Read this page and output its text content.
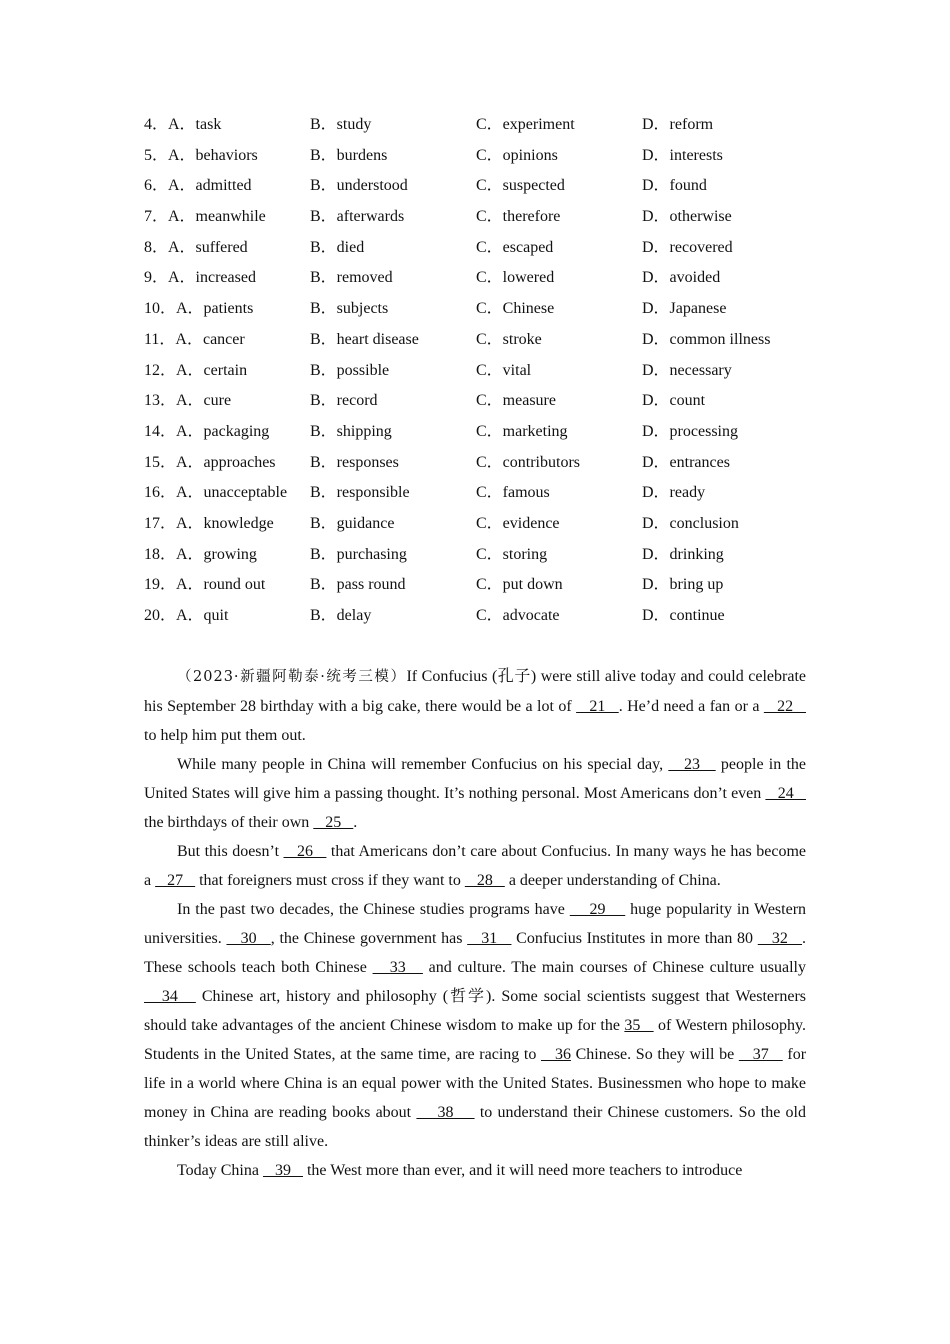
4．A．task	B．study	C．experiment	D．reform
5．A．behaviors	B．burdens	C．opinions	D．interests
6．A．admitted	B．understood	C．suspected	D．found
7．A．meanwhile	B．afterwards	C．therefore	D．otherwise
8．A．suffered	B．died	C．escaped	D．recovered
9．A．increased	B．removed	C．lowered	D．avoided
10．A．patients	B．subjects	C．Chinese	D．Japanese
11．A．cancer	B．heart disease	C．stroke	D．common illness
12．A．certain	B．possible	C．vital	D．necessary
13．A．cure	B．record	C．measure	D．count
14．A．packaging	B．shipping	C．marketing	D．processing
15．A．approaches	B．responses	C．contributors	D．entrances
16．A．unacceptable	B．responsible	C．famous	D．ready
17．A．knowledge	B．guidance	C．evidence	D．conclusion
18．A．growing	B．purchasing	C．storing	D．drinking
19．A．round out	B．pass round	C．put down	D．bring up
20．A．quit	B．delay	C．advocate	D．continue

（2023·新疆阿勒泰·统考三模）If Confucius (孔子) were still alive today and could celebrate his September 28 birthday with a big cake, there would be a lot of    21   . He’d need a fan or a    22    to help him put them out.

While many people in China will remember Confucius on his special day,    23    people in the United States will give him a passing thought. It’s nothing personal. Most Americans don’t even    24    the birthdays of their own    25   .

But this doesn’t    26    that Americans don’t care about Confucius. In many ways he has become a    27    that foreigners must cross if they want to    28    a deeper understanding of China.

In the past two decades, the Chinese studies programs have     29     huge popularity in Western universities.    30   , the Chinese government has    31    Confucius Institutes in more than 80    32   . These schools teach both Chinese    33    and culture. The main courses of Chinese culture usually    34    Chinese art, history and philosophy (哲学). Some social scientists suggest that Westerners should take advantages of the ancient Chinese wisdom to make up for the 35    of Western philosophy. Students in the United States, at the same time, are racing to    36 Chinese. So they will be    37    for life in a world where China is an equal power with the United States. Businessmen who hope to make money in China are reading books about     38     to understand their Chinese customers. So the old thinker’s ideas are still alive.

Today China    39    the West more than ever, and it will need more teachers to introduce
